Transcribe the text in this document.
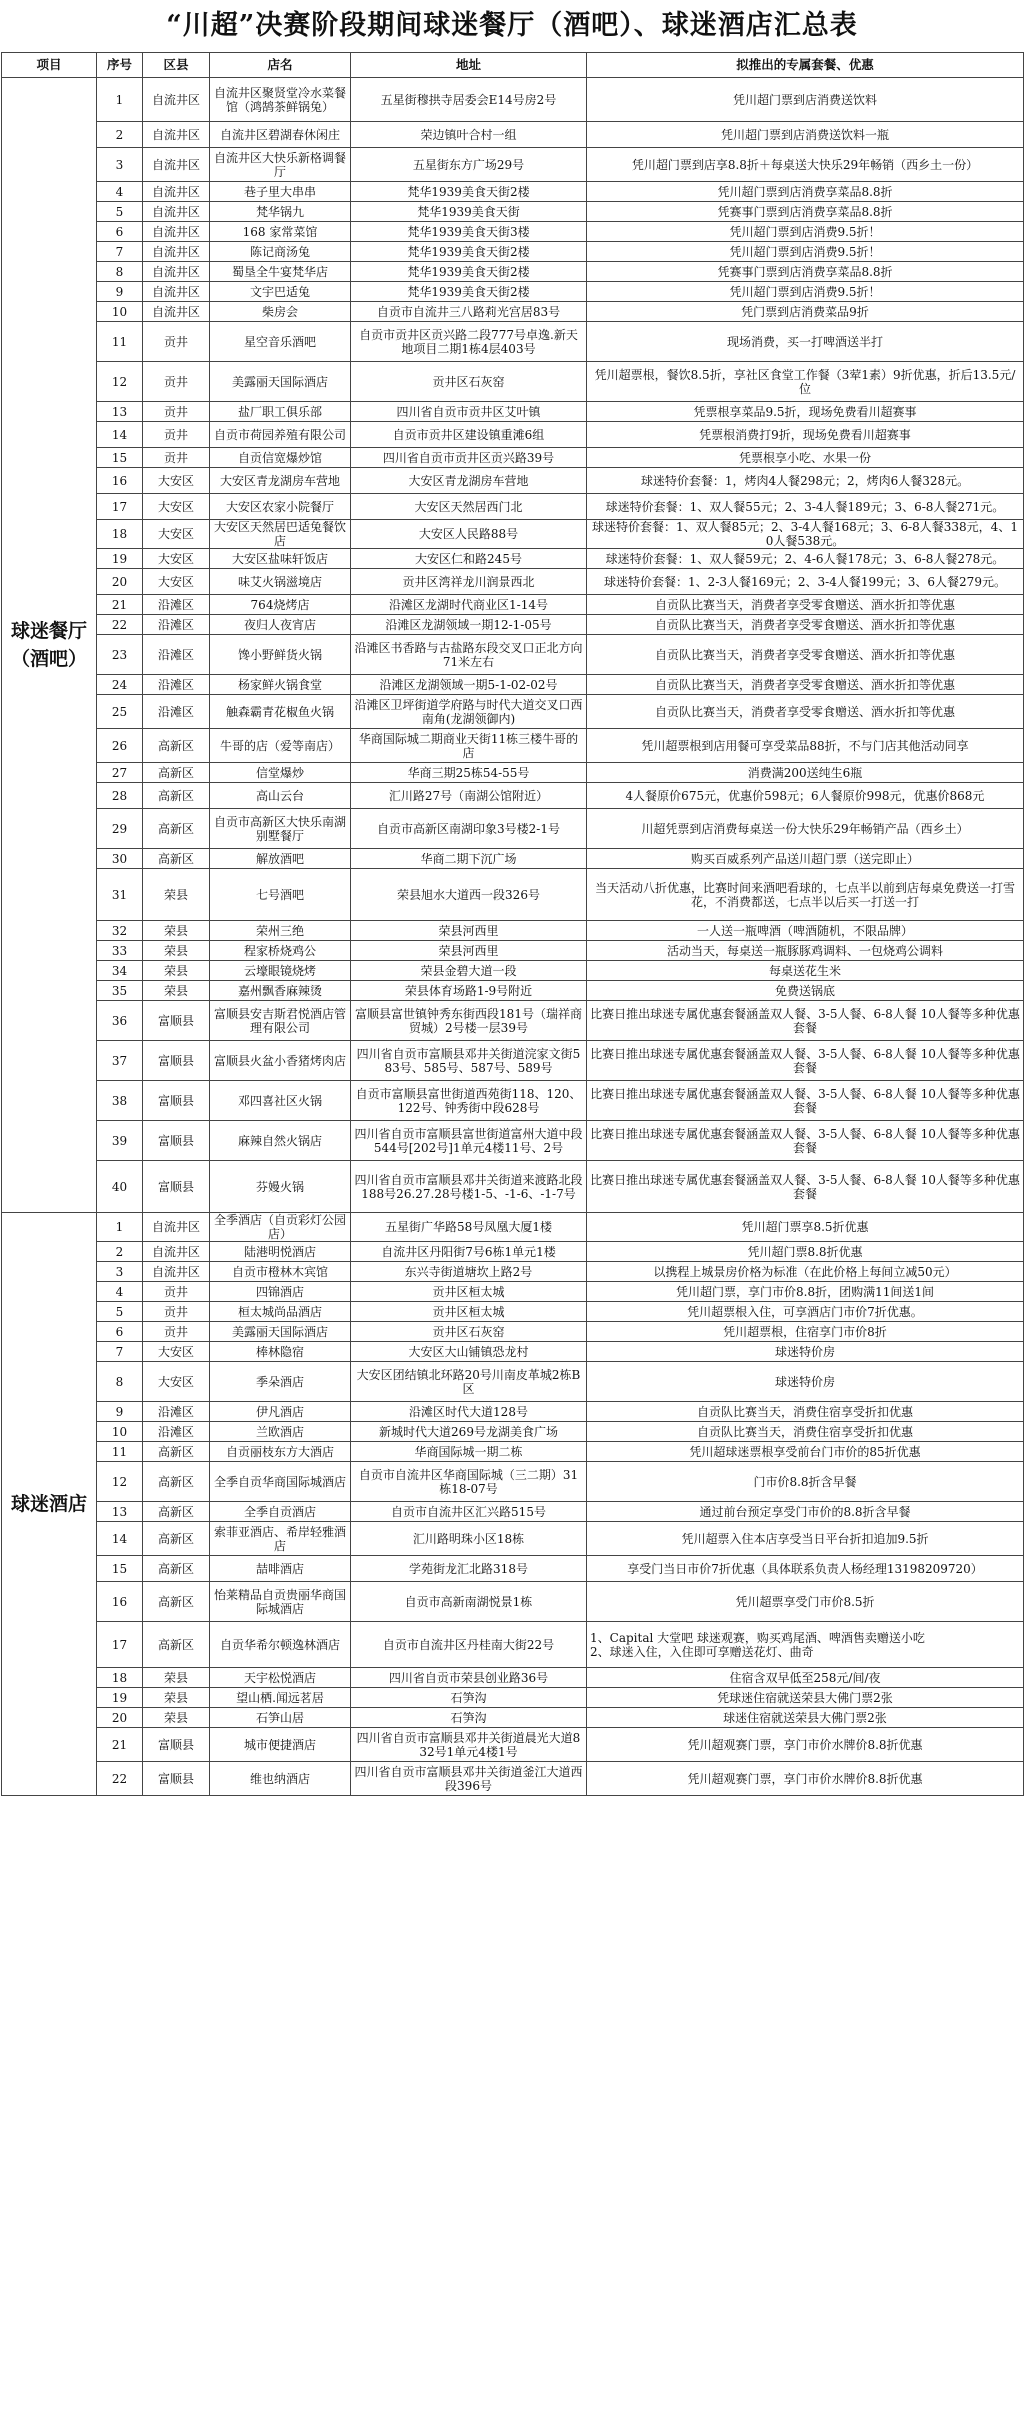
“川超”决赛阶段期间球迷餐厅（酒吧）、球迷酒店汇总表
项目	序号	区县	店名	地址	拟推出的专属套餐、优惠
球迷餐厅（酒吧）	1	自流井区	自流井区聚贤堂冷水菜餐馆（鸿鹄茶鲜锅兔）	五星街穆拱寺居委会E14号房2号	凭川超门票到店消费送饮料
	2	自流井区	自流井区碧湖春休闲庄	荣边镇叶合村一组	凭川超门票到店消费送饮料一瓶
	3	自流井区	自流井区大快乐新格调餐厅	五星街东方广场29号	凭川超门票到店享8.8折＋每桌送大快乐29年畅销（西乡土一份）
	4	自流井区	巷子里大串串	梵华1939美食天街2楼	凭川超门票到店消费享菜品8.8折
	5	自流井区	梵华锅九	梵华1939美食天街	凭赛事门票到店消费享菜品8.8折
	6	自流井区	168 家常菜馆	梵华1939美食天街3楼	凭川超门票到店消费9.5折！
	7	自流井区	陈记商汤兔	梵华1939美食天街2楼	凭川超门票到店消费9.5折！
	8	自流井区	蜀垦全牛宴梵华店	梵华1939美食天街2楼	凭赛事门票到店消费享菜品8.8折
	9	自流井区	文宇巴适兔	梵华1939美食天街2楼	凭川超门票到店消费9.5折！
	10	自流井区	柴房会	自贡市自流井三八路莉光宫居83号	凭门票到店消费菜品9折
	11	贡井	星空音乐酒吧	自贡市贡井区贡兴路二段777号卓逸.新天地项目二期1栋4层403号	现场消费，买一打啤酒送半打
	12	贡井	美露丽天国际酒店	贡井区石灰窑	凭川超票根，餐饮8.5折，享社区食堂工作餐（3荤1素）9折优惠，折后13.5元/位
	13	贡井	盐厂职工俱乐部	四川省自贡市贡井区艾叶镇	凭票根享菜品9.5折，现场免费看川超赛事
	14	贡井	自贡市荷园养殖有限公司	自贡市贡井区建设镇重滩6组	凭票根消费打9折，现场免费看川超赛事
	15	贡井	自贡信宽爆炒馆	四川省自贡市贡井区贡兴路39号	凭票根享小吃、水果一份
	16	大安区	大安区青龙湖房车营地	大安区青龙湖房车营地	球迷特价套餐：1，烤肉4人餐298元；2，烤肉6人餐328元。
	17	大安区	大安区农家小院餐厅	大安区天然居西门北	球迷特价套餐：1、双人餐55元；2、3-4人餐189元；3、6-8人餐271元。
	18	大安区	大安区天然居巴适兔餐饮店	大安区人民路88号	球迷特价套餐：1、双人餐85元；2、3-4人餐168元；3、6-8人餐338元，4、10人餐538元。
	19	大安区	大安区盐味轩饭店	大安区仁和路245号	球迷特价套餐：1、双人餐59元；2、4-6人餐178元；3、6-8人餐278元。
	20	大安区	味艾火锅滋境店	贡井区湾祥龙川润景西北	球迷特价套餐：1、2-3人餐169元；2、3-4人餐199元；3、6人餐279元。
	21	沿滩区	764烧烤店	沿滩区龙湖时代商业区1-14号	自贡队比赛当天，消费者享受零食赠送、酒水折扣等优惠
	22	沿滩区	夜归人夜宵店	沿滩区龙湖领域一期12-1-05号	自贡队比赛当天，消费者享受零食赠送、酒水折扣等优惠
	23	沿滩区	馋小野鲜货火锅	沿滩区书香路与古盐路东段交叉口正北方向71米左右	自贡队比赛当天，消费者享受零食赠送、酒水折扣等优惠
	24	沿滩区	杨家鲜火锅食堂	沿滩区龙湖领域一期5-1-02-02号	自贡队比赛当天，消费者享受零食赠送、酒水折扣等优惠
	25	沿滩区	触森霸青花椒鱼火锅	沿滩区卫坪街道学府路与时代大道交叉口西南角(龙湖领御内)	自贡队比赛当天，消费者享受零食赠送、酒水折扣等优惠
	26	高新区	牛哥的店（爱等南店）	华商国际城二期商业天街11栋三楼牛哥的店	凭川超票根到店用餐可享受菜品88折，不与门店其他活动同享
	27	高新区	信堂爆炒	华商三期25栋54-55号	消费满200送纯生6瓶
	28	高新区	高山云台	汇川路27号（南湖公馆附近）	4人餐原价675元，优惠价598元；6人餐原价998元，优惠价868元
	29	高新区	自贡市高新区大快乐南湖别墅餐厅	自贡市高新区南湖印象3号楼2-1号	川超凭票到店消费每桌送一份大快乐29年畅销产品（西乡土）
	30	高新区	解放酒吧	华商二期下沉广场	购买百威系列产品送川超门票（送完即止）
	31	荣县	七号酒吧	荣县旭水大道西一段326号	当天活动八折优惠，比赛时间来酒吧看球的，七点半以前到店每桌免费送一打雪花，不消费都送，七点半以后买一打送一打
	32	荣县	荣州三绝	荣县河西里	一人送一瓶啤酒（啤酒随机，不限品牌）
	33	荣县	程家桥烧鸡公	荣县河西里	活动当天，每桌送一瓶豚豚鸡调料、一包烧鸡公调料
	34	荣县	云壕眼镜烧烤	荣县金碧大道一段	每桌送花生米
	35	荣县	嘉州飘香麻辣烫	荣县体育场路1-9号附近	免费送锅底
	36	富顺县	富顺县安吉斯君悦酒店管理有限公司	富顺县富世镇钟秀东街西段181号（瑞祥商贸城）2号楼一层39号	比赛日推出球迷专属优惠套餐涵盖双人餐、3-5人餐、6-8人餐 10人餐等多种优惠套餐
	37	富顺县	富顺县火盆小香猪烤肉店	四川省自贡市富顺县邓井关街道浣家文街583号、585号、587号、589号	比赛日推出球迷专属优惠套餐涵盖双人餐、3-5人餐、6-8人餐 10人餐等多种优惠套餐
	38	富顺县	邓四喜社区火锅	自贡市富顺县富世街道西苑街118、120、122号、钟秀街中段628号	比赛日推出球迷专属优惠套餐涵盖双人餐、3-5人餐、6-8人餐 10人餐等多种优惠套餐
	39	富顺县	麻辣自然火锅店	四川省自贡市富顺县富世街道富州大道中段544号[202号]1单元4楼11号、2号	比赛日推出球迷专属优惠套餐涵盖双人餐、3-5人餐、6-8人餐 10人餐等多种优惠套餐
	40	富顺县	芬嫚火锅	四川省自贡市富顺县邓井关街道来渡路北段188号26.27.28号楼1-5、-1-6、-1-7号	比赛日推出球迷专属优惠套餐涵盖双人餐、3-5人餐、6-8人餐 10人餐等多种优惠套餐
球迷酒店	1	自流井区	全季酒店（自贡彩灯公园店）	五星街广华路58号凤凰大厦1楼	凭川超门票享8.5折优惠
	2	自流井区	陆港明悦酒店	自流井区丹阳街7号6栋1单元1楼	凭川超门票8.8折优惠
	3	自流井区	自贡市橙林木宾馆	东兴寺街道塘坎上路2号	以携程上城景房价格为标准（在此价格上每间立减50元）
	4	贡井	四锦酒店	贡井区桓太城	凭川超门票，享门市价8.8折，团购满11间送1间
	5	贡井	桓太城尚品酒店	贡井区桓太城	凭川超票根入住，可享酒店门市价7折优惠。
	6	贡井	美露丽天国际酒店	贡井区石灰窑	凭川超票根，住宿享门市价8折
	7	大安区	棒林隐宿	大安区大山铺镇恐龙村	球迷特价房
	8	大安区	季朵酒店	大安区团结镇北环路20号川南皮革城2栋B区	球迷特价房
	9	沿滩区	伊凡酒店	沿滩区时代大道128号	自贡队比赛当天，消费住宿享受折扣优惠
	10	沿滩区	兰欧酒店	新城时代大道269号龙湖美食广场	自贡队比赛当天，消费住宿享受折扣优惠
	11	高新区	自贡丽枝东方大酒店	华商国际城一期二栋	凭川超球迷票根享受前台门市价的85折优惠
	12	高新区	全季自贡华商国际城酒店	自贡市自流井区华商国际城（三二期）31栋18-07号	门市价8.8折含早餐
	13	高新区	全季自贡酒店	自贡市自流井区汇兴路515号	通过前台预定享受门市价的8.8折含早餐
	14	高新区	索菲亚酒店、希岸轻雅酒店	汇川路明珠小区18栋	凭川超票入住本店享受当日平台折扣追加9.5折
	15	高新区	喆啡酒店	学苑街龙汇北路318号	享受门当日市价7折优惠（具体联系负责人杨经理13198209720）
	16	高新区	怡莱精品自贡贵丽华商国际城酒店	自贡市高新南湖悦景1栋	凭川超票享受门市价8.5折
	17	高新区	自贡华希尔顿逸林酒店	自贡市自流井区丹桂南大街22号	1、Capital 大堂吧 球迷观赛，购买鸡尾酒、啤酒售卖赠送小吃
2、球迷入住，入住即可享赠送花灯、曲奇
	18	荣县	天宇松悦酒店	四川省自贡市荣县创业路36号	住宿含双早低至258元/间/夜
	19	荣县	望山栖.闻远茗居	石笋沟	凭球迷住宿就送荣县大佛门票2张
	20	荣县	石笋山居	石笋沟	球迷住宿就送荣县大佛门票2张
	21	富顺县	城市便捷酒店	四川省自贡市富顺县邓井关街道晨光大道832号1单元4楼1号	凭川超观赛门票，享门市价水牌价8.8折优惠
	22	富顺县	维也纳酒店	四川省自贡市富顺县邓井关街道釜江大道西段396号	凭川超观赛门票，享门市价水牌价8.8折优惠
